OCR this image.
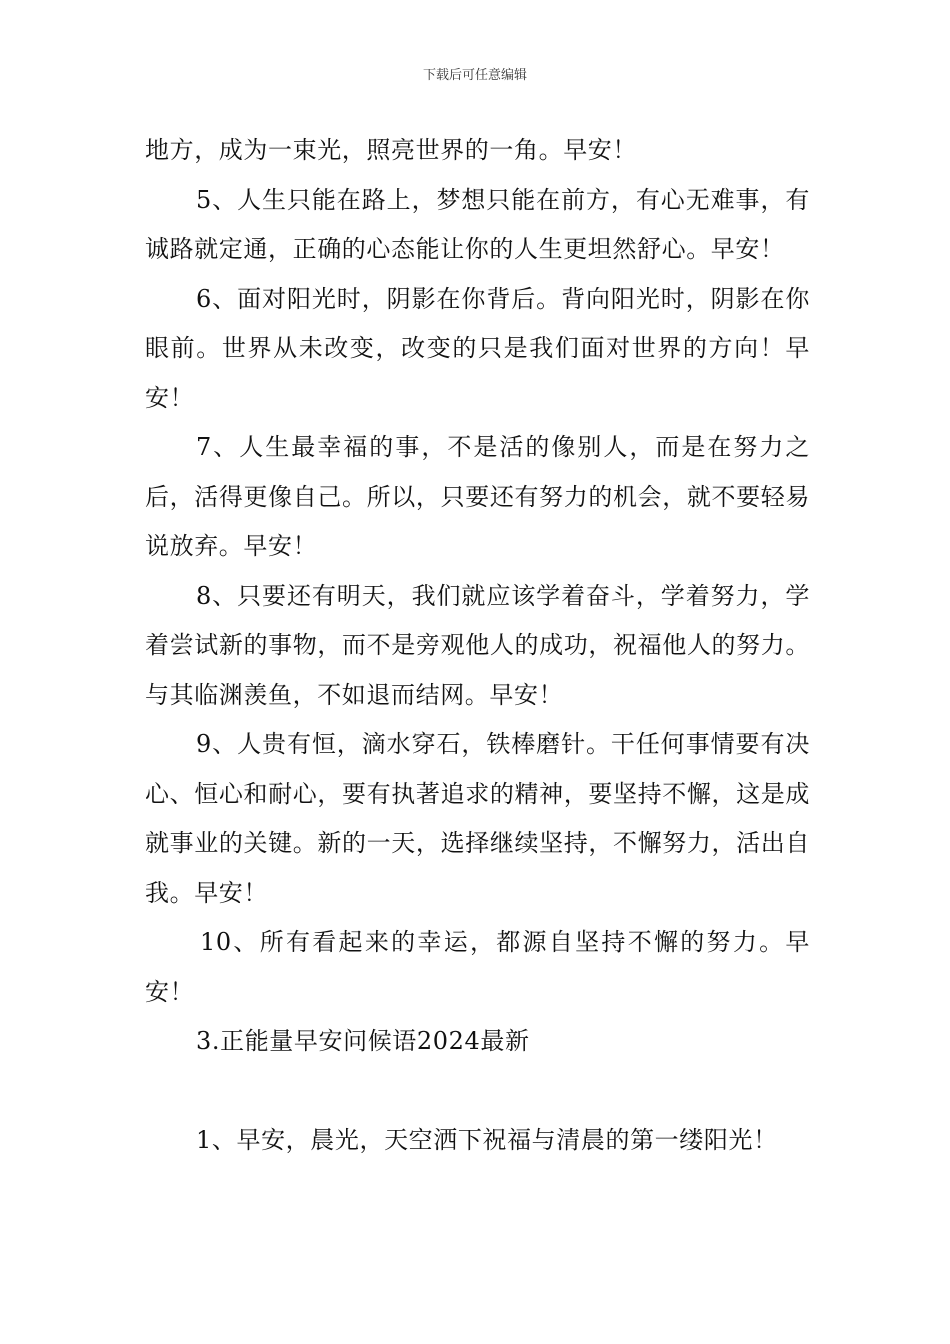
下载后可任意编辑

地方，成为一束光，照亮世界的一角。早安！

5、人生只能在路上，梦想只能在前方，有心无难事，有诚路就定通，正确的心态能让你的人生更坦然舒心。早安！

6、面对阳光时，阴影在你背后。背向阳光时，阴影在你眼前。世界从未改变，改变的只是我们面对世界的方向！早安！

7、人生最幸福的事，不是活的像别人，而是在努力之后，活得更像自己。所以，只要还有努力的机会，就不要轻易说放弃。早安！

8、只要还有明天，我们就应该学着奋斗，学着努力，学着尝试新的事物，而不是旁观他人的成功，祝福他人的努力。与其临渊羡鱼，不如退而结网。早安！

9、人贵有恒，滴水穿石，铁棒磨针。干任何事情要有决心、恒心和耐心，要有执著追求的精神，要坚持不懈，这是成就事业的关键。新的一天，选择继续坚持，不懈努力，活出自我。早安！

10、所有看起来的幸运，都源自坚持不懈的努力。早安！

3.正能量早安问候语2024最新

1、早安，晨光，天空洒下祝福与清晨的第一缕阳光！
